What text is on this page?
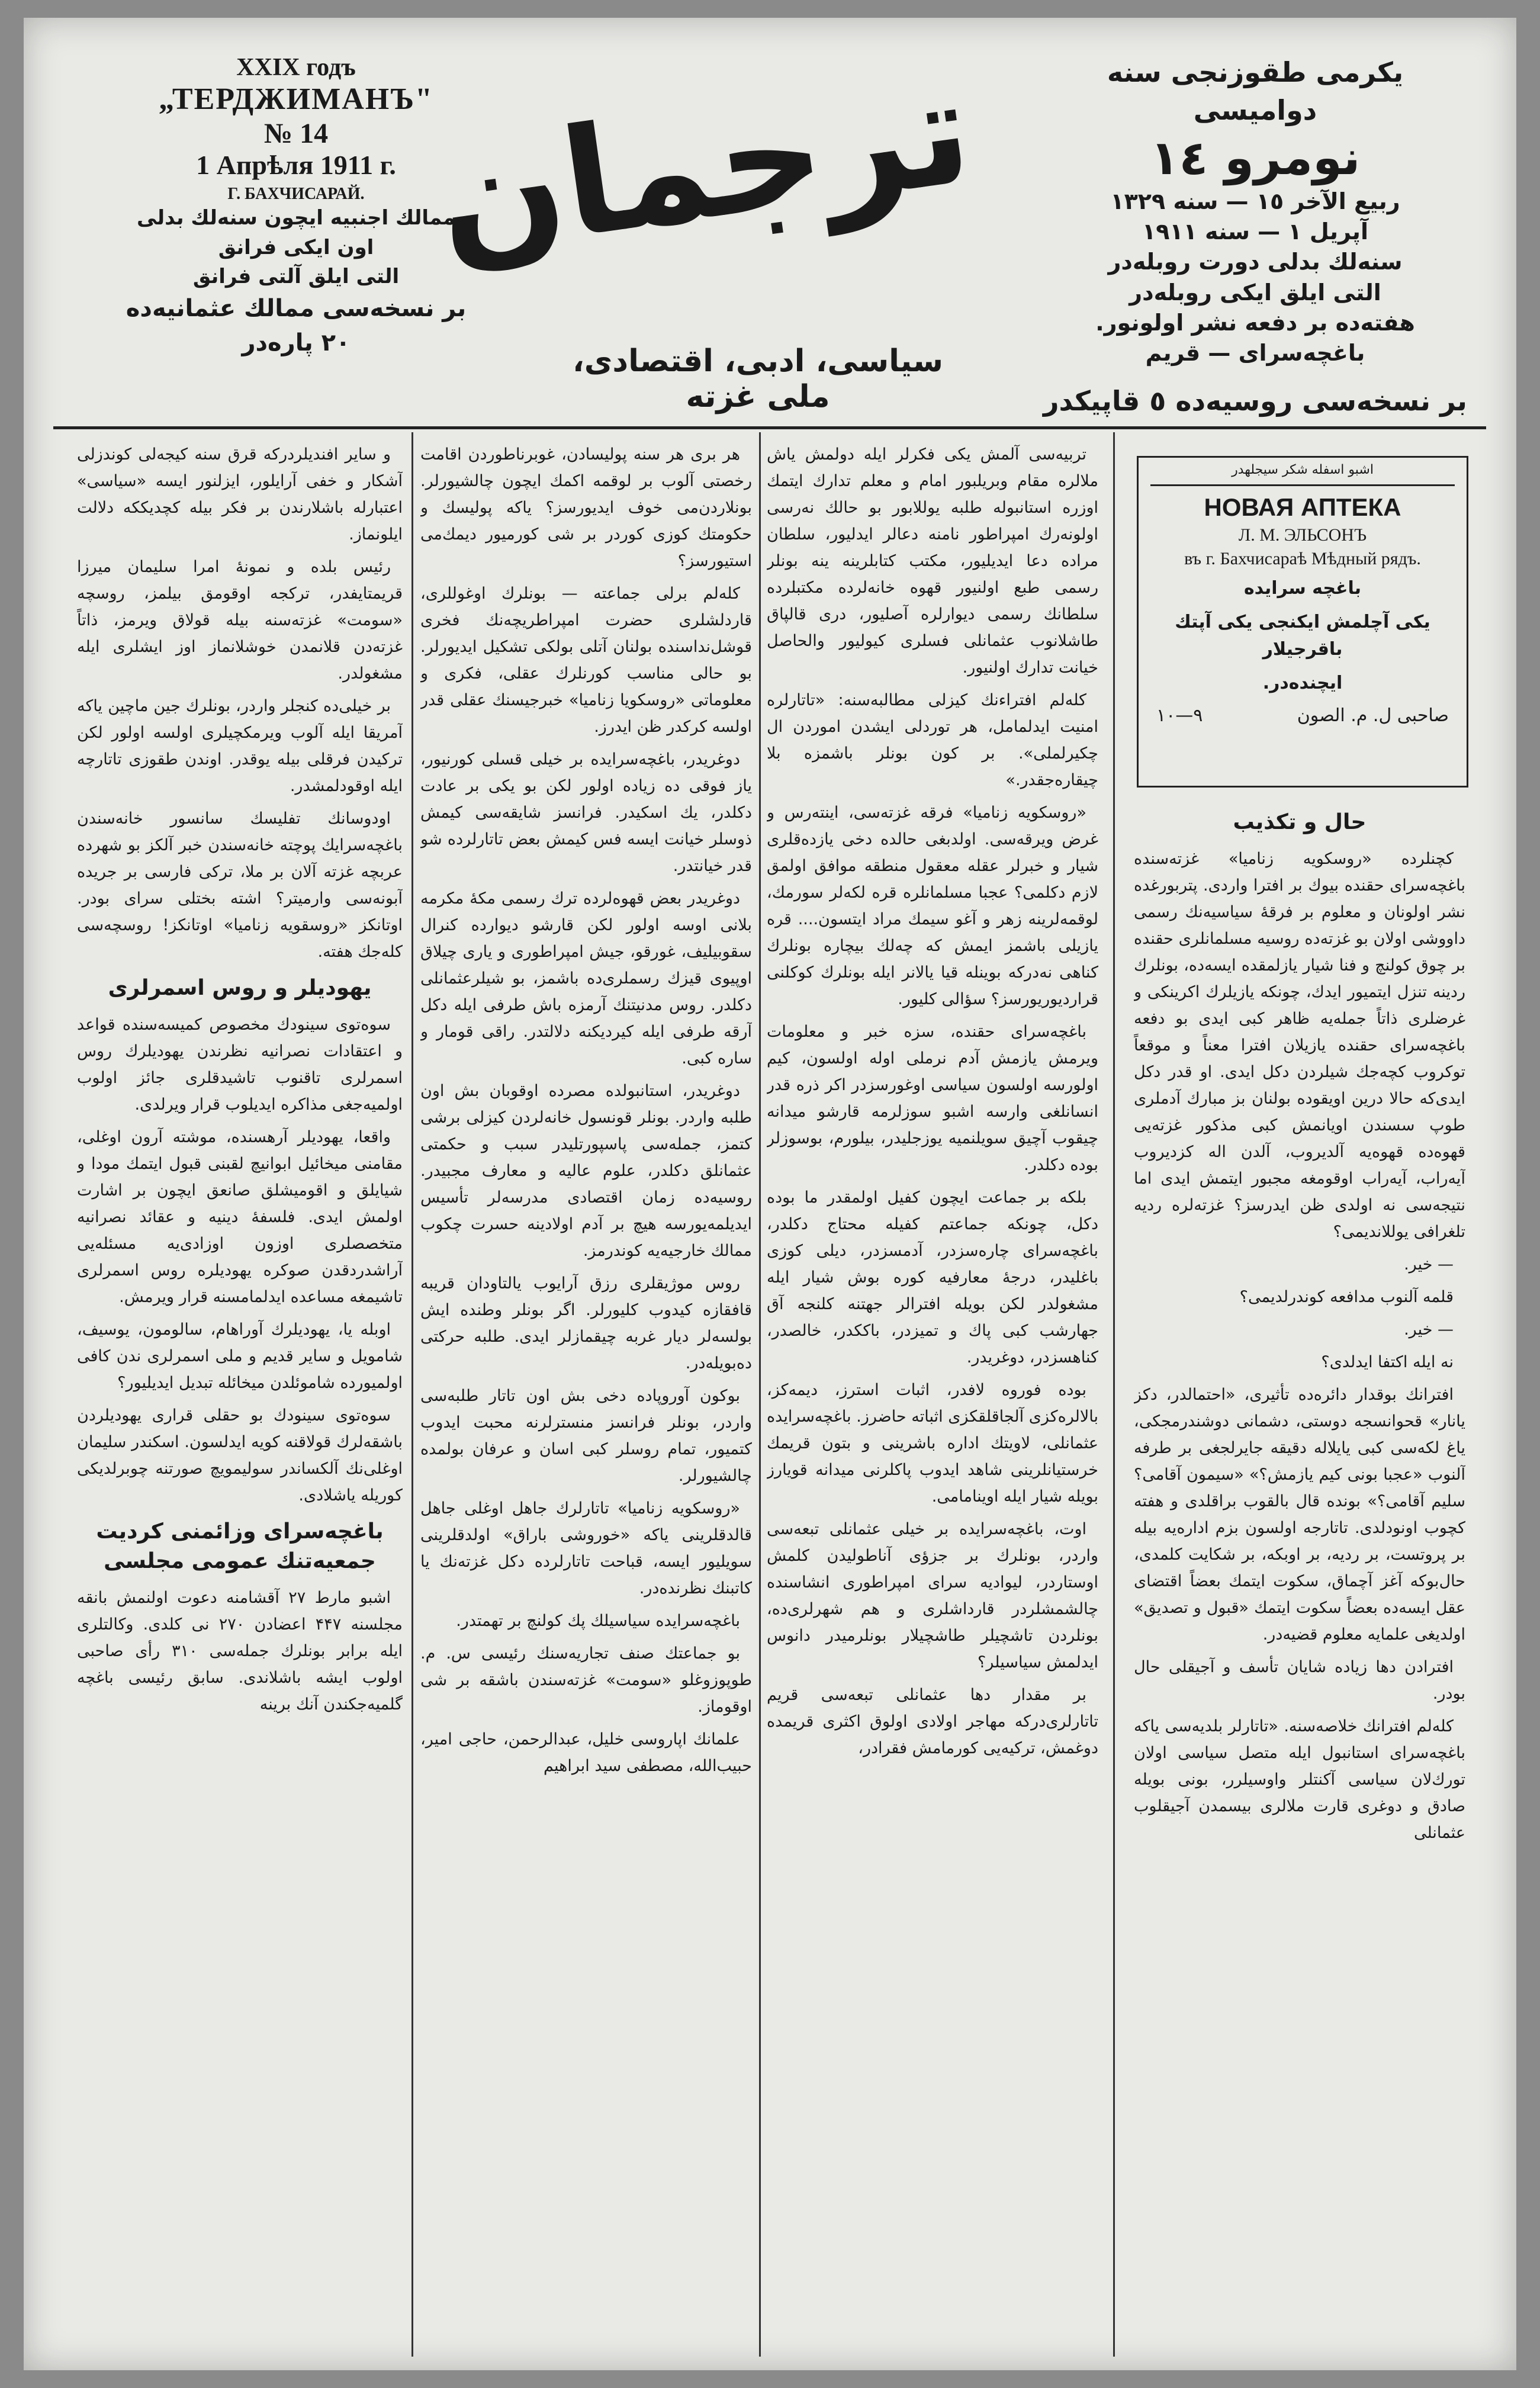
XXIX годъ
„ТЕРДЖИМАНЪ"
№ 14
1 Апрѣля 1911 г.
Г. БАХЧИСАРАЙ.
ممالك اجنبيه ايچون سنه‌لك بدلى
اون ايكى فرانق
التى ايلق آلتى فرانق
بر نسخه‌سى ممالك عثمانيه‌ده ۲۰ پاره‌در
ترجمان
سياسى، ادبى، اقتصادى، ملى غزته
يكرمى طقوزنجى سنه دواميسى
نومرو ١٤
ربيع الآخر ١٥ — سنه ١٣٢٩
آپريل ١ — سنه ١٩١١
سنه‌لك بدلى دورت روبله‌در
التى ايلق ايكى روبله‌در
هفته‌ده بر دفعه نشر اولونور.
باغچه‌سراى — قريم
بر نسخه‌سى روسيه‌ده ٥ قاپيكدر

و ساير افنديلردركه قرق سنه كيجه‌لى كوندزلى آشكار و خفى آرايلور، ايزلنور ايسه «سياسى» اعتبارله باشلارندن بر فكر بيله كچديككه دلالت ايلونماز.

رئيس بلده و نمونهٔ امرا سليمان ميرزا قريمتايفدر، تركجه اوقومق بيلمز، روسچه «سومت» غزته‌سنه بيله قولاق ويرمز، ذاتاً غزته‌دن قلانمدن خوشلانماز اوز ايشلرى ايله مشغولدر.

بر خيلى‌ده كنجلر واردر، بونلرك جين ماچين ياكه آمريقا ايله آلوب ويرمكچيلرى اولسه اولور لكن تركيدن فرقلى بيله يوقدر. اوندن طقوزى تاتارچه ايله اوقودلمشدر.

اودوسانك تفليسك سانسور خانه‌سندن باغچه‌سرايك پوچته خانه‌سندن خبر آلكز بو شهرده عربچه غزته آلان بر ملا، تركى فارسى بر جريده آبونه‌سى وارميتر؟ اشته بختلى سراى بودر. اوتانكز «روسقويه زناميا» اوتانكز! روسچه‌سى كله‌جك هفته.

يهوديلر و روس اسمرلرى

سوه‌توى سينودك مخصوص كميسه‌سنده قواعد و اعتقادات نصرانيه نظرندن يهوديلرك روس اسمرلرى تاقنوب تاشيدقلرى جائز اولوب اولميه‌جغى مذاكره ايديلوب قرار ويرلدى.

واقعا، يهوديلر آرهسنده، موشته آرون اوغلى، مقامنى ميخائيل ابوانيچ لقبنى قبول ايتمك مودا و شيايلق و اقوميشلق صانعق ايچون بر اشارت اولمش ايدى. فلسفهٔ دينيه و عقائد نصرانيه متخصصلرى اوزون اوزادى‌يه مسئله‌يى آراشدردقدن صوكره يهوديلره روس اسمرلرى تاشيمغه مساعده ايدلمامسنه قرار ويرمش.

اوبله يا، يهوديلرك آوراهام، سالومون، يوسيف، شامويل و ساير قديم و ملى اسمرلرى ندن كافى اولميورده شاموئلدن ميخائله تبديل ايديليور؟

سوه‌توى سينودك بو حقلى قرارى يهوديلردن باشقه‌لرك قولاقنه كويه ايدلسون. اسكندر سليمان اوغلى‌نك آلكساندر سوليمويچ صورتنه چوبرلديكى كوريله ياشلادى.

باغچه‌سراى وزائمنى كرديت جمعيه‌تنك عمومى مجلسى

اشبو مارط ۲۷ آقشامنه دعوت اولنمش بانقه مجلسنه ۴۴۷ اعضادن ۲۷۰ نى كلدى. وكالتلرى ايله برابر بونلرك جمله‌سى ۳۱۰ رأى صاحبى اولوب ايشه باشلاندى. سابق رئيسى باغچه گلميه‌جكندن آنك برينه

هر برى هر سنه پوليسادن، غوبرناطوردن اقامت رخصتى آلوب بر لوقمه اكمك ايچون چالشيورلر. بونلاردن‌مى خوف ايديورسز؟ ياكه پوليسك و حكومتك كوزى كوردر بر شى كورميور ديمك‌مى استيورسز؟

كله‌لم برلى جماعته — بونلرك اوغوللرى، قاردلشلرى حضرت امپراطريچه‌نك فخرى قوشل‌نداسنده بولنان آتلى بولكى تشكيل ايديورلر. بو حالى مناسب كورنلرك عقلى، فكرى و معلوماتى «روسكويا زناميا» خبرجيسنك عقلى قدر اولسه كركدر ظن ايدرز.

دوغريدر، باغچه‌سرايده بر خيلى قسلى كورنيور، ياز فوقى ده زياده اولور لكن بو يكى بر عادت دكلدر، يك اسكيدر. فرانسز شايقه‌سى كيمش ذوسلر خيانت ايسه فس كيمش بعض تاتارلرده شو قدر خيانتدر.

دوغريدر بعض قهوه‌لرده ترك رسمى مكهٔ مكرمه بلانى اوسه اولور لكن قارشو ديوارده كنرال سقوبيليف، غورقو، جيش امپراطورى و يارى چيلاق اوپيوى قيزك رسملرى‌ده باشمز، بو شيلرعثمانلى دكلدر. روس مدنيتنك آرمزه باش طرفى ايله دكل آرقه طرفى ايله كيرديكنه دلالتدر. راقى قومار و ساره كبى.

دوغريدر، استانبولده مصرده اوقوبان بش اون طلبه واردر. بونلر قونسول خانه‌لردن كيزلى برشى كتمز، جمله‌سى پاسپورتليدر سبب و حكمتى عثمانلق دكلدر، علوم عاليه و معارف مجبيدر. روسيه‌ده زمان اقتصادى مدرسه‌لر تأسيس ايديلمه‌يورسه هيچ بر آدم اولادينه حسرت چكوب ممالك خارجيه‌يه كوندرمز.

روس موژيقلرى رزق آرايوب يالتاودان قريبه قافقازه كيدوب كليورلر. اگر بونلر وطنده ايش بولسه‌لر ديار غربه چيقمازلر ايدى. طلبه حركتى ده‌بويله‌در.

بوكون آوروپاده دخى بش اون تاتار طلبه‌سى واردر، بونلر فرانسز منسترلرنه محبت ايدوب كتميور، تمام روسلر كبى اسان و عرفان بولمده چالشيورلر.

«روسكويه زناميا» تاتارلرك جاهل اوغلى جاهل قالدقلرينى ياكه «خوروشى باراق» اولدقلرينى سويليور ايسه، قباحت تاتارلرده دكل غزته‌نك يا كاتبنك نظرنده‌در.

باغچه‌سرايده سياسيلك پك كولنچ بر تهمتدر.

بو جماعتك صنف تجاريه‌سنك رئيسى س. م. طوپوزوغلو «سومت» غزته‌سندن باشقه بر شى اوقوماز.

علمانك اپاروسى خليل، عبدالرحمن، حاجى امير، حبيب‌الله، مصطفى سيد ابراهيم

تربيه‌سى آلمش يكى فكرلر ايله دولمش ياش ملالره مقام وبريلبور امام و معلم تدارك ايتمك اوزره استانبوله طلبه يوللابور بو حالك نه‌رسى اولونه‌رك امپراطور نامنه دعالر ايد‌ليور، سلطان مراده دعا ايديليور، مكتب كتابلرينه ينه بونلر رسمى طبع اولنيور قهوه خانه‌لرده مكتبلرده سلطانك رسمى ديوار‌لره آصليور، درى قالپاق طاشلانوب عثمانلى فسلرى كيوليور والحاصل خيانت تدارك اولنيور.

كله‌لم افتراءنك كيزلى مطالبه‌سنه: «تاتارلره امنيت ايدلمامل، هر توردلى ايشدن اموردن ال چكيرلملى». بر كون بونلر باشمزه بلا چيقاره‌جقدر.»

«روسكويه زناميا» فرقه غزته‌سى، اينته‌رس و غرض ويرقه‌سى. اولدبغى حالده دخى يازده‌قلرى شيار و خبرلر عقله معقول منطقه موافق اولمق لازم دكلمى؟ عجبا مسلمانلره قره لكه‌لر سورمك، لوقمه‌لرينه زهر و آغو سيمك مراد ايتسون.... قره يازيلى باشمز ايمش كه چه‌لك بيچاره‌ بونلرك كناهى نه‌دركه بوينله قيا يالانر ايله بونلرك كوكلنى قرارديوريورسز؟ سؤالى كليور.

باغچه‌سراى حقنده، سزه خبر و معلومات ويرمش يازمش آدم نرملى اوله اولسون، كيم اولورسه اولسون سياسى اوغورسزدر اكر ذره قدر انسانلغى وارسه اشبو سوزلرمه قارشو ميدانه چيقوب آچيق سويلنميه يوزجليدر، بيلورم، بوسوزلر بوده دكلدر.

بلكه بر جماعت ايچون كفيل اولمقدر ما بوده دكل، چونكه جماعتم كفيله محتاج دكلدر، باغچه‌سراى چاره‌سزدر، آدمسزدر، ديلى كوزى باغليدر، درجهٔ معارفيه كوره بوش شيار ايله مشغولدر لكن بويله افترالر جهتنه كلنجه آق جهارشب كبى پاك و تميزدر، باككدر، خالصدر، كناهسزدر، دوغريدر.

بوده فوروه لافدر، اثبات استرز، ديمه‌كز، بالالره‌كزى آلجاقلقكزى اثباته حاضرز. باغچه‌سرايده عثمانلى، لاويتك اداره باشرينى و بتون قريمك خرستيانلرينى شاهد ايدوب پاكلرنى ميدانه قويارز بويله شيار ايله اوينامامى.

اوت، باغچه‌سرايده بر خيلى عثمانلى تبعه‌سى واردر، بونلرك بر جزؤى آناطوليدن كلمش اوستاردر، ليواديه سراى امپراطورى انشاسنده چالشمشلردر قارداشلرى و هم شهرلرى‌ده، بونلردن تاشچيلر طاشچيلار بونلرميدر دانوس ايدلمش سياسيلر؟

بر مقدار دها عثمانلى تبعه‌سى قريم تاتارلرى‌دركه مهاجر اولادى اولوق اكثرى قريمده دوغمش، تركيه‌يى كورمامش فقرادر،

اشبو اسفله شكر سيجلهدر
НОВАЯ АПТЕКА
Л. М. ЭЛЬСОНЪ
въ г. Бахчисараѣ Мѣдный рядъ.
باغچه سرايده
يكى آچلمش ايكنجى يكى آپتك باقرجيلار
ايچنده‌در.
صاحبى ل. م. الصون
۹—۱۰
حال و تكذيب

كچنلرده «روسكويه زناميا» غزته‌سنده باغچه‌سراى حقنده بيوك بر افترا واردى. پتربورغده نشر اولونان و معلوم بر فرقهٔ سياسيه‌نك رسمى داووشى اولان بو غزته‌ده روسيه مسلمانلرى حقنده بر چوق كولنچ و فنا شيار يازلمقده ايسه‌ده، بونلرك ردينه تنزل ايتميور ايدك، چونكه يازيلرك اكرينكى و غرضلرى ذاتاً جمله‌يه ظاهر كبى ايدى بو دفعه باغچه‌سراى حقنده يازيلان افترا معناً و موقعاً توكروب كچه‌جك شيلردن دكل ايدى. او قدر دكل ايدى‌كه حالا درين اويقوده بولنان بز مبارك آدملرى طوپ سسندن اويانمش كبى مذكور غزته‌يى قهوه‌ده قهوه‌يه آلديروب، آلدن اله كزديروب آيه‌راب، آيه‌راب اوقومغه مجبور ايتمش ايدى اما نتيجه‌سى نه اولدى ظن ايدرسز؟ غزته‌لره رديه تلغرافى يوللانديمى؟

— خير.

قلمه آلنوب مدافعه كوندرلديمى؟

— خير.

نه ايله اكتفا ايدلدى؟

افترانك بوقدار دائره‌ده تأثيرى، «احتمالدر، دكز يانار» قحوانسجه دوستى، دشمانى دوشندرمجكى، ياغ لكه‌سى كبى يايلاله دقيقه‌ جايرلجغى بر طرفه آلنوب «عجبا بونى كيم يازمش؟» «سيمون آقامى؟ سليم آقامى؟» بونده قال بالقوب براقلدى و هفته كچوب اونودلدى. تاتارجه اولسون بزم اداره‌يه بيله بر پروتست، بر رديه، بر اوبكه، بر شكايت كلمدى، حال‌بوكه آغز آچماق، سكوت ايتمك بعضاً اقتضاى عقل ايسه‌ده بعضاً سكوت ايتمك «قبول و تصديق» اولديغى علمايه معلوم قضيه‌در.

افترادن دها زياده شايان تأسف و آجيقلى حال بودر.

كله‌لم افترانك خلاصه‌سنه. «تاتارلر بلديه‌سى ياكه باغچه‌سراى استانبول ايله متصل سياسى اولان تورك‌لان سياسى آكنتلر واوسيلرر، بونى بويله صادق و دوغرى قارت ملالرى بيسمدن آجيقلوب عثمانلى
